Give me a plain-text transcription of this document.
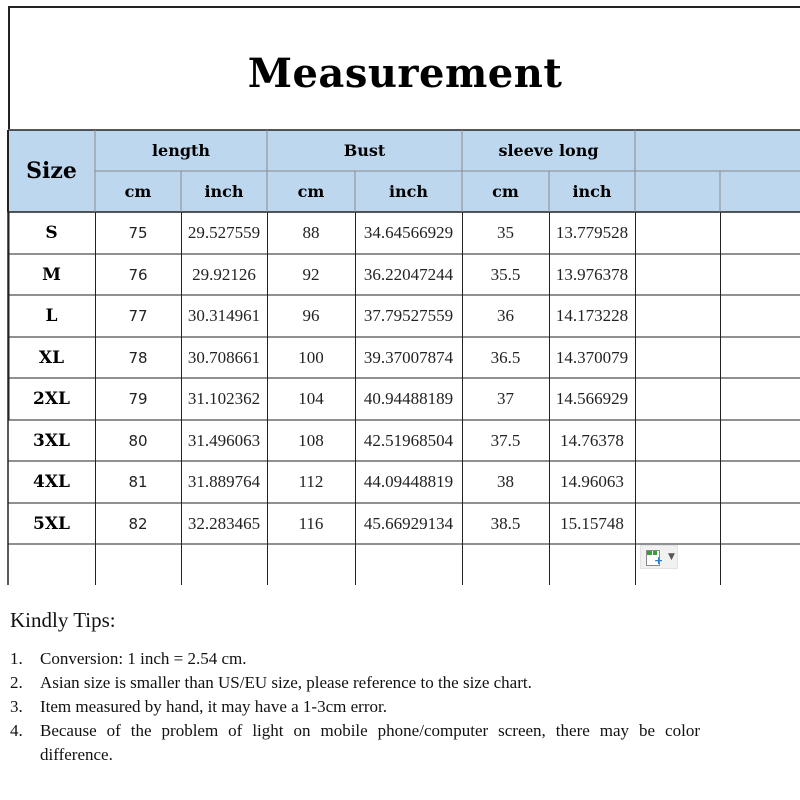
Measurement
Size
length	Bust	sleeve long
cm	inch	cm	inch	cm	inch
S	75	29.527559	88	34.64566929	35	13.779528
M	76	29.92126	92	36.22047244	35.5	13.976378
L	77	30.314961	96	37.79527559	36	14.173228
XL	78	30.708661	100	39.37007874	36.5	14.370079
2XL	79	31.102362	104	40.94488189	37	14.566929
3XL	80	31.496063	108	42.51968504	37.5	14.76378
4XL	81	31.889764	112	44.09448819	38	14.96063
5XL	82	32.283465	116	45.66929134	38.5	15.15748
+ ▼
Kindly Tips:
1. Conversion: 1 inch = 2.54 cm.
2. Asian size is smaller than US/EU size, please reference to the size chart.
3. Item measured by hand, it may have a 1-3cm error.
4. Because of the problem of light on mobile phone/computer screen, there may be color difference.
